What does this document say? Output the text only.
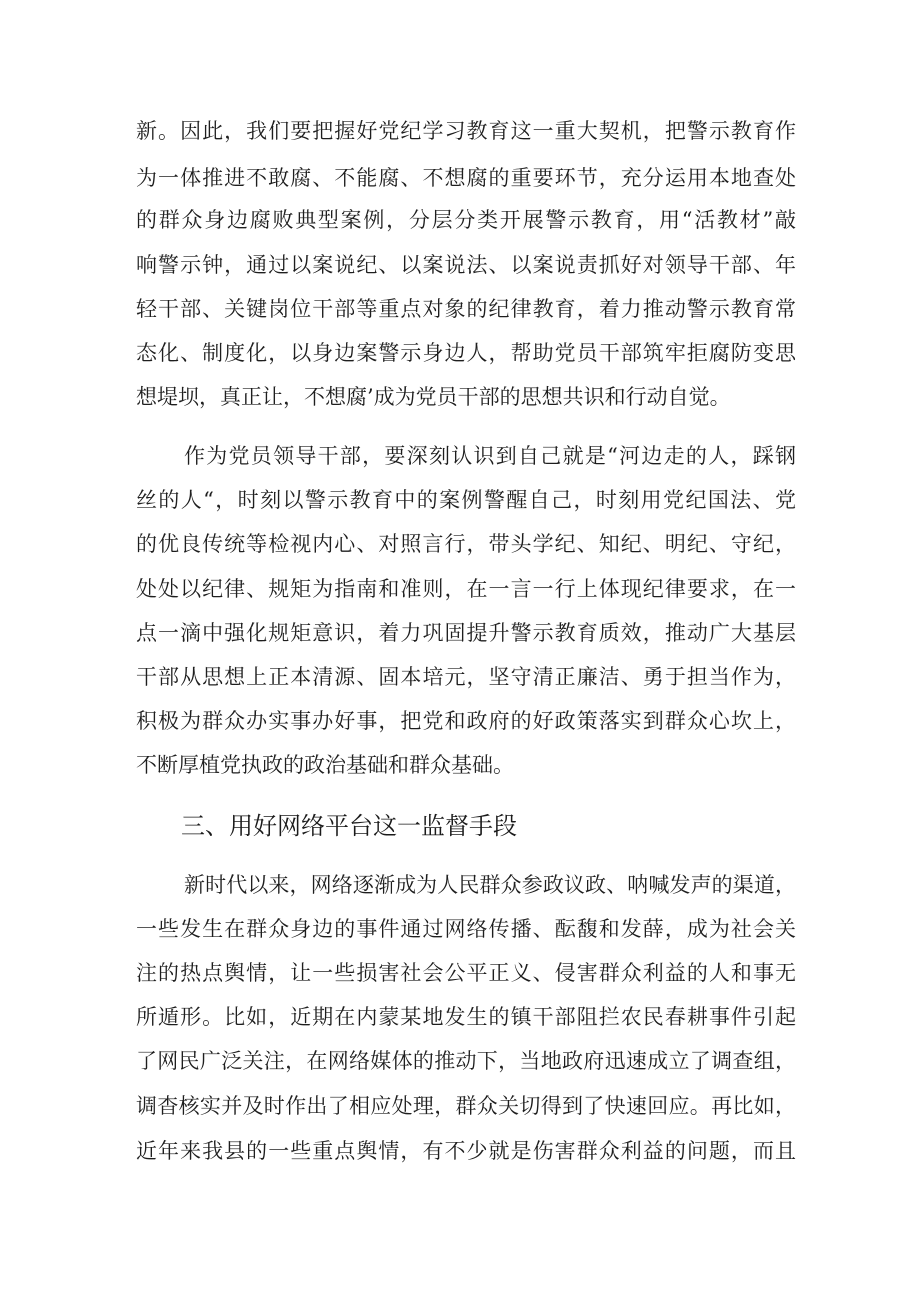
新。因此，我们要把握好党纪学习教育这一重大契机，把警示教育作

为一体推进不敢腐、不能腐、不想腐的重要环节，充分运用本地查处

的群众身边腐败典型案例，分层分类开展警示教育，用“活教材”敲

响警示钟，通过以案说纪、以案说法、以案说责抓好对领导干部、年

轻干部、关键岗位干部等重点对象的纪律教育，着力推动警示教育常

态化、制度化，以身边案警示身边人，帮助党员干部筑牢拒腐防变思

想堤坝，真正让，不想腐’成为党员干部的思想共识和行动自觉。

作为党员领导干部，要深刻认识到自己就是“河边走的人，踩钢

丝的人“，时刻以警示教育中的案例警醒自己，时刻用党纪国法、党

的优良传统等检视内心、对照言行，带头学纪、知纪、明纪、守纪，

处处以纪律、规矩为指南和准则，在一言一行上体现纪律要求，在一

点一滴中强化规矩意识，着力巩固提升警示教育质效，推动广大基层

干部从思想上正本清源、固本培元，坚守清正廉洁、勇于担当作为，

积极为群众办实事办好事，把党和政府的好政策落实到群众心坎上，

不断厚植党执政的政治基础和群众基础。

三、用好网络平台这一监督手段

新时代以来，网络逐渐成为人民群众参政议政、呐喊发声的渠道，

一些发生在群众身边的事件通过网络传播、酝馥和发薛，成为社会关

注的热点舆情，让一些损害社会公平正义、侵害群众利益的人和事无

所遁形。比如，近期在内蒙某地发生的镇干部阻拦农民春耕事件引起

了网民广泛关注，在网络媒体的推动下，当地政府迅速成立了调查组，

调杳核实并及时作出了相应处理，群众关切得到了快速回应。再比如，

近年来我县的一些重点舆情，有不少就是伤害群众利益的问题，而且
